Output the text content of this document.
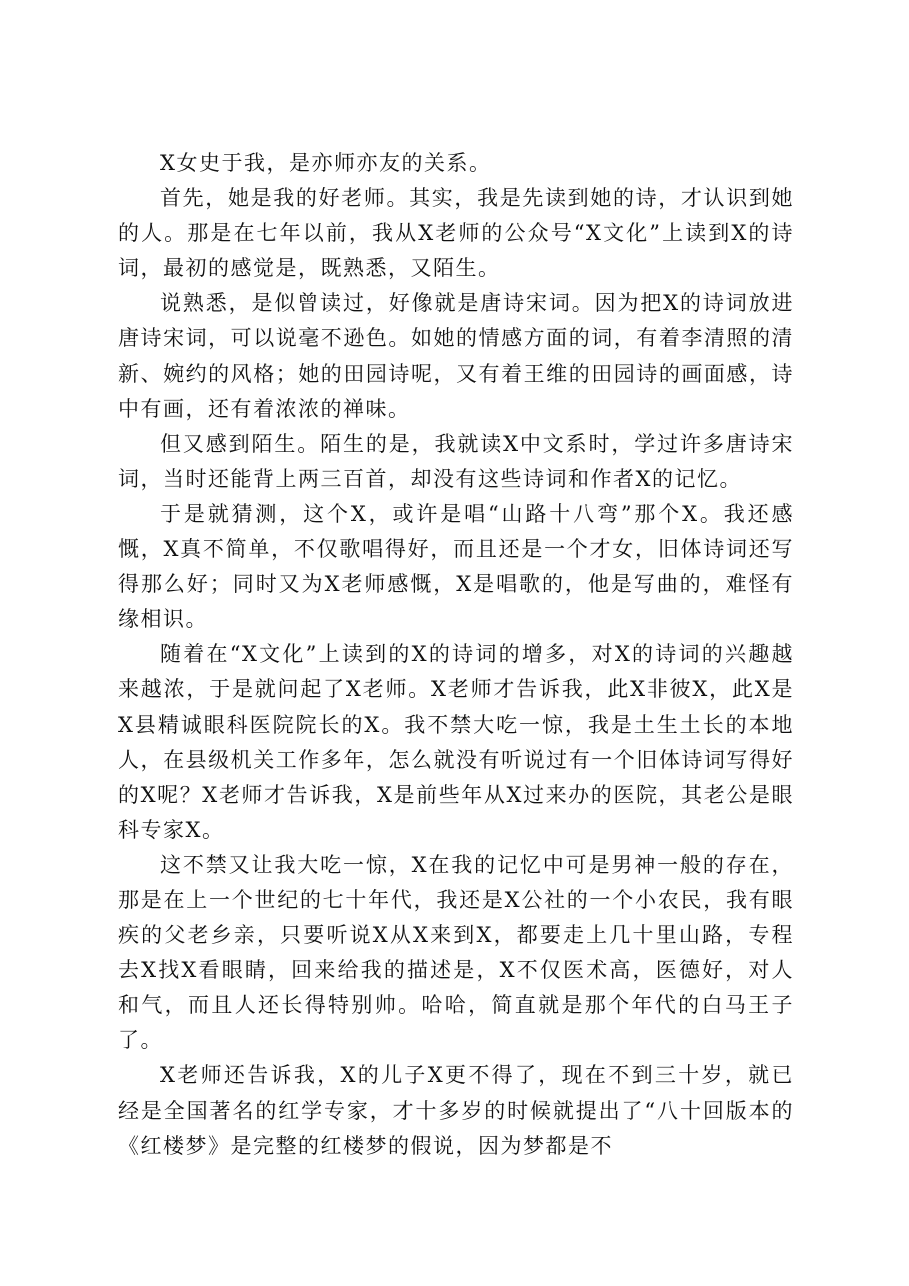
X女史于我，是亦师亦友的关系。

首先，她是我的好老师。其实，我是先读到她的诗，才认识到她的人。那是在七年以前，我从X老师的公众号“X文化”上读到X的诗词，最初的感觉是，既熟悉，又陌生。

说熟悉，是似曾读过，好像就是唐诗宋词。因为把X的诗词放进唐诗宋词，可以说毫不逊色。如她的情感方面的词，有着李清照的清新、婉约的风格；她的田园诗呢，又有着王维的田园诗的画面感，诗中有画，还有着浓浓的禅味。

但又感到陌生。陌生的是，我就读X中文系时，学过许多唐诗宋词，当时还能背上两三百首，却没有这些诗词和作者X的记忆。

于是就猜测，这个X，或许是唱“山路十八弯”那个X。我还感慨，X真不简单，不仅歌唱得好，而且还是一个才女，旧体诗词还写得那么好；同时又为X老师感慨，X是唱歌的，他是写曲的，难怪有缘相识。

随着在“X文化”上读到的X的诗词的增多，对X的诗词的兴趣越来越浓，于是就问起了X老师。X老师才告诉我，此X非彼X，此X是X县精诚眼科医院院长的X。我不禁大吃一惊，我是土生土长的本地人，在县级机关工作多年，怎么就没有听说过有一个旧体诗词写得好的X呢？X老师才告诉我，X是前些年从X过来办的医院，其老公是眼科专家X。

这不禁又让我大吃一惊，X在我的记忆中可是男神一般的存在，那是在上一个世纪的七十年代，我还是X公社的一个小农民，我有眼疾的父老乡亲，只要听说X从X来到X，都要走上几十里山路，专程去X找X看眼睛，回来给我的描述是，X不仅医术高，医德好，对人和气，而且人还长得特别帅。哈哈，简直就是那个年代的白马王子了。

X老师还告诉我，X的儿子X更不得了，现在不到三十岁，就已经是全国著名的红学专家，才十多岁的时候就提出了“八十回版本的《红楼梦》是完整的红楼梦的假说，因为梦都是不
